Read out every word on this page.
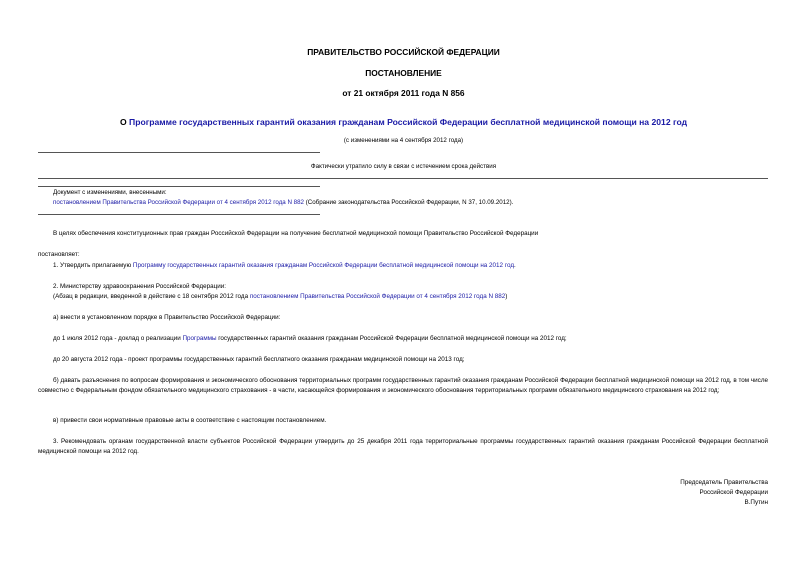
ПРАВИТЕЛЬСТВО РОССИЙСКОЙ ФЕДЕРАЦИИ
ПОСТАНОВЛЕНИЕ
от 21 октября 2011 года N 856
О Программе государственных гарантий оказания гражданам Российской Федерации бесплатной медицинской помощи на 2012 год
(с изменениями на 4 сентября 2012 года)
Фактически утратило силу в связи с истечением срока действия
Документ с изменениями, внесенными:
постановлением Правительства Российской Федерации от 4 сентября 2012 года N 882 (Собрание законодательства Российской Федерации, N 37, 10.09.2012).
В целях обеспечения конституционных прав граждан Российской Федерации на получение бесплатной медицинской помощи Правительство Российской Федерации
постановляет:
1. Утвердить прилагаемую Программу государственных гарантий оказания гражданам Российской Федерации бесплатной медицинской помощи на 2012 год.
2. Министерству здравоохранения Российской Федерации:
(Абзац в редакции, введенной в действие с 18 сентября 2012 года постановлением Правительства Российской Федерации от 4 сентября 2012 года N 882)
а) внести в установленном порядке в Правительство Российской Федерации:
до 1 июля 2012 года - доклад о реализации Программы государственных гарантий оказания гражданам Российской Федерации бесплатной медицинской помощи на 2012 год;
до 20 августа 2012 года - проект программы государственных гарантий бесплатного оказания гражданам медицинской помощи на 2013 год;
б) давать разъяснения по вопросам формирования и экономического обоснования территориальных программ государственных гарантий оказания гражданам Российской Федерации бесплатной медицинской помощи на 2012 год, в том числе совместно с Федеральным фондом обязательного медицинского страхования - в части, касающейся формирования и экономического обоснования территориальных программ обязательного медицинского страхования на 2012 год;
в) привести свои нормативные правовые акты в соответствие с настоящим постановлением.
3. Рекомендовать органам государственной власти субъектов Российской Федерации утвердить до 25 декабря 2011 года территориальные программы государственных гарантий оказания гражданам Российской Федерации бесплатной медицинской помощи на 2012 год.
Председатель Правительства
Российской Федерации
В.Путин
